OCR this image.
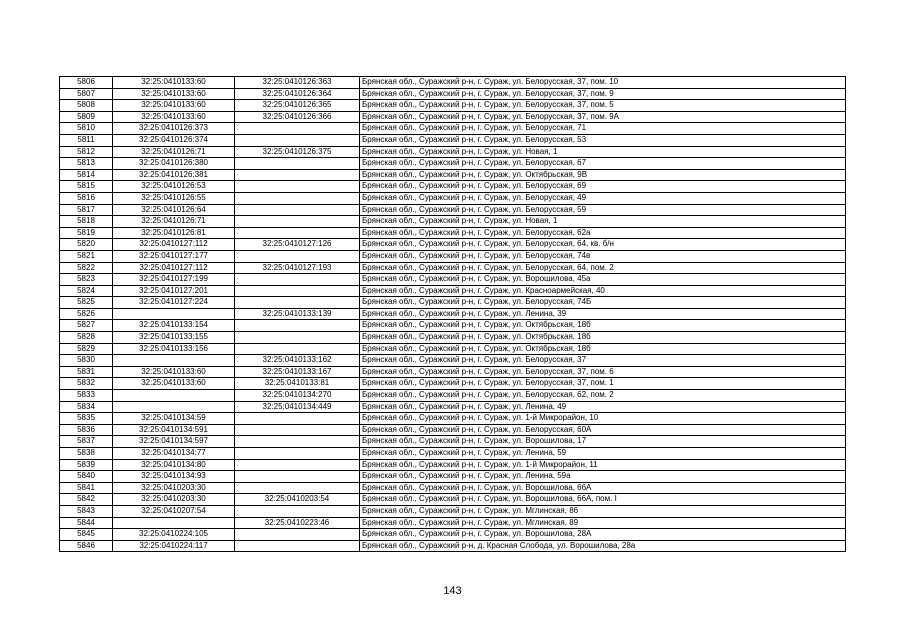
5806	32:25:0410133:60	32:25:0410126:363	Брянская обл., Суражский р-н, г. Сураж, ул. Белорусская, 37, пом. 10
5807	32:25:0410133:60	32:25:0410126:364	Брянская обл., Суражский р-н, г. Сураж, ул. Белорусская, 37, пом. 9
5808	32:25:0410133:60	32:25:0410126:365	Брянская обл., Суражский р-н, г. Сураж, ул. Белорусская, 37, пом. 5
5809	32:25:0410133:60	32:25:0410126:366	Брянская обл., Суражский р-н, г. Сураж, ул. Белорусская, 37, пом. 9А
5810	32:25:0410126:373		Брянская обл., Суражский р-н, г. Сураж, ул. Белорусская, 71
5811	32:25:0410126:374		Брянская обл., Суражский р-н, г. Сураж, ул. Белорусская, 53
5812	32:25:0410126:71	32:25:0410126:375	Брянская обл., Суражский р-н, г. Сураж, ул. Новая, 1
5813	32:25:0410126:380		Брянская обл., Суражский р-н, г. Сураж, ул. Белорусская, 67
5814	32:25:0410126:381		Брянская обл., Суражский р-н, г. Сураж, ул. Октябрьская, 9В
5815	32:25:0410126:53		Брянская обл., Суражский р-н, г. Сураж, ул. Белорусская, 69
5816	32:25:0410126:55		Брянская обл., Суражский р-н, г. Сураж, ул. Белорусская, 49
5817	32:25:0410126:64		Брянская обл., Суражский р-н, г. Сураж, ул. Белорусская, 59
5818	32:25:0410126:71		Брянская обл., Суражский р-н, г. Сураж, ул. Новая, 1
5819	32:25:0410126:81		Брянская обл., Суражский р-н, г. Сураж, ул. Белорусская, 62а
5820	32:25:0410127:112	32:25:0410127:126	Брянская обл., Суражский р-н, г. Сураж, ул. Белорусская, 64, кв. б/н
5821	32:25:0410127:177		Брянская обл., Суражский р-н, г. Сураж, ул. Белорусская, 74в
5822	32:25:0410127:112	32:25:0410127:193	Брянская обл., Суражский р-н, г. Сураж, ул. Белорусская, 64, пом. 2
5823	32:25:0410127:199		Брянская обл., Суражский р-н, г. Сураж, ул. Ворошилова, 45а
5824	32:25:0410127:201		Брянская обл., Суражский р-н, г. Сураж, ул. Красноармейская, 40
5825	32:25:0410127:224		Брянская обл., Суражский р-н, г. Сураж, ул. Белорусская, 74Б
5826		32:25:0410133:139	Брянская обл., Суражский р-н, г. Сураж, ул. Ленина, 39
5827	32:25:0410133:154		Брянская обл., Суражский р-н, г. Сураж, ул. Октябрьская, 18б
5828	32:25:0410133:155		Брянская обл., Суражский р-н, г. Сураж, ул. Октябрьская, 18б
5829	32:25:0410133:156		Брянская обл., Суражский р-н, г. Сураж, ул. Октябрьская, 18б
5830		32:25:0410133:162	Брянская обл., Суражский р-н, г. Сураж, ул. Белорусская, 37
5831	32:25:0410133:60	32:25:0410133:167	Брянская обл., Суражский р-н, г. Сураж, ул. Белорусская, 37, пом. 6
5832	32:25:0410133:60	32:25:0410133:81	Брянская обл., Суражский р-н, г. Сураж, ул. Белорусская, 37, пом. 1
5833		32:25:0410134:270	Брянская обл., Суражский р-н, г. Сураж, ул. Белорусская, 62, пом. 2
5834		32:25:0410134:449	Брянская обл., Суражский р-н, г. Сураж, ул. Ленина, 49
5835	32:25:0410134:59		Брянская обл., Суражский р-н, г. Сураж, ул. 1-й Микрорайон, 10
5836	32:25:0410134:591		Брянская обл., Суражский р-н, г. Сураж, ул. Белорусская, 60А
5837	32:25:0410134:597		Брянская обл., Суражский р-н, г. Сураж, ул. Ворошилова, 17
5838	32:25:0410134:77		Брянская обл., Суражский р-н, г. Сураж, ул. Ленина, 59
5839	32:25:0410134:80		Брянская обл., Суражский р-н, г. Сураж, ул. 1-й Микрорайон, 11
5840	32:25:0410134:93		Брянская обл., Суражский р-н, г. Сураж, ул. Ленина, 59а
5841	32:25:0410203:30		Брянская обл., Суражский р-н, г. Сураж, ул. Ворошилова, 66А
5842	32:25:0410203:30	32:25:0410203:54	Брянская обл., Суражский р-н, г. Сураж, ул. Ворошилова, 66А, пом. I
5843	32:25:0410207:54		Брянская обл., Суражский р-н, г. Сураж, ул. Мглинская, 86
5844		32:25:0410223:46	Брянская обл., Суражский р-н, г. Сураж, ул. Мглинская, 89
5845	32:25:0410224:105		Брянская обл., Суражский р-н, г. Сураж, ул. Ворошилова, 28А
5846	32:25:0410224:117		Брянская обл., Суражский р-н, д. Красная Слобода, ул. Ворошилова, 28а
143
